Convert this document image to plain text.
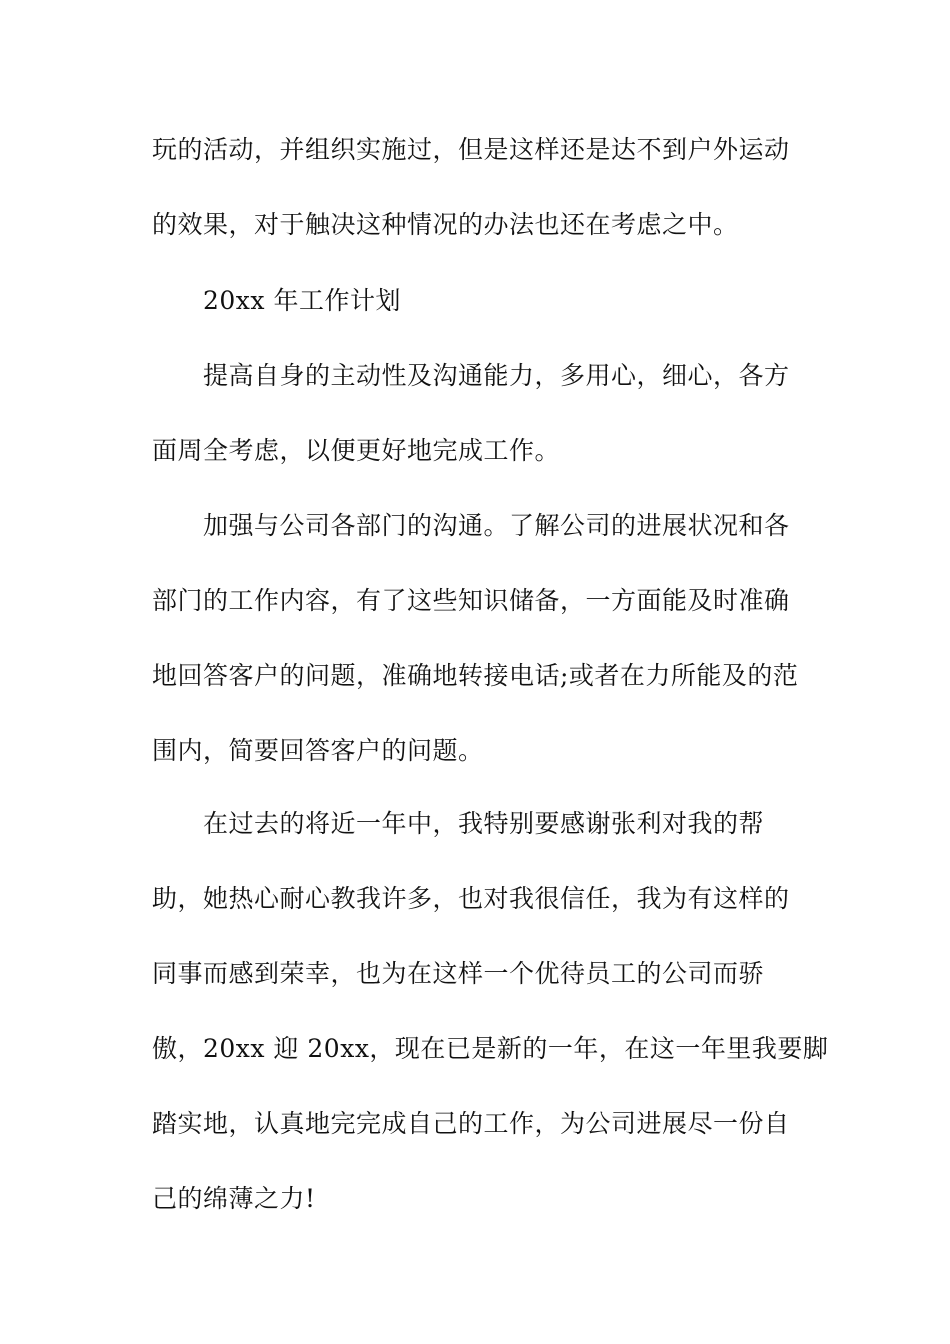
玩的活动，并组织实施过，但是这样还是达不到户外运动
的效果，对于触决这种情况的办法也还在考虑之中。
20xx 年工作计划
提高自身的主动性及沟通能力，多用心，细心，各方
面周全考虑，以便更好地完成工作。
加强与公司各部门的沟通。了解公司的进展状况和各
部门的工作内容，有了这些知识储备，一方面能及时准确
地回答客户的问题，准确地转接电话;或者在力所能及的范
围内，简要回答客户的问题。
在过去的将近一年中，我特别要感谢张利对我的帮
助，她热心耐心教我许多，也对我很信任，我为有这样的
同事而感到荣幸，也为在这样一个优待员工的公司而骄
傲，20xx 迎 20xx，现在已是新的一年，在这一年里我要脚
踏实地，认真地完完成自己的工作，为公司进展尽一份自
己的绵薄之力!
